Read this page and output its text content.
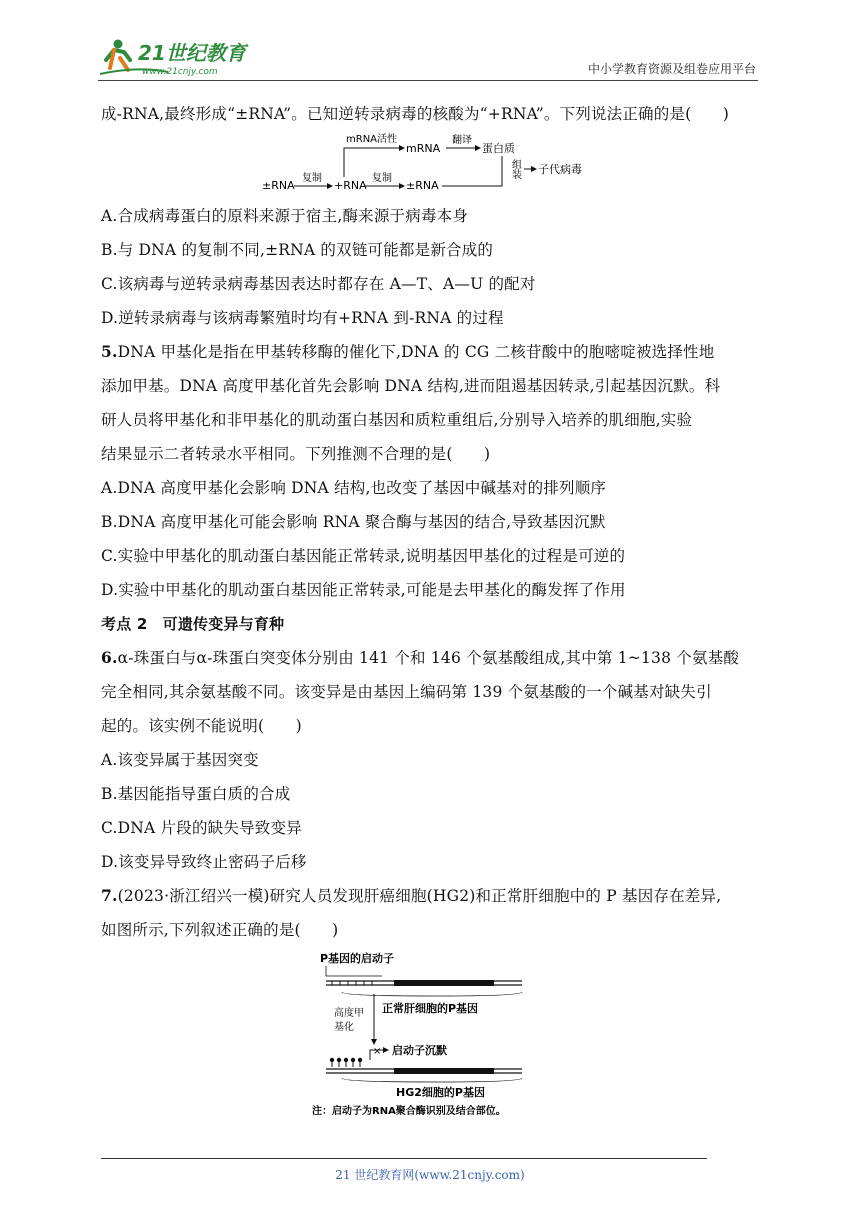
21世纪教育
www.21cnjy.com	中小学教育资源及组卷应用平台
成-RNA,最终形成“±RNA”。已知逆转录病毒的核酸为“+RNA”。下列说法正确的是(　　)
±RNA
复制
+RNA
复制
±RNA
mRNA活性
mRNA
翻译
蛋白质
组装 子代病毒
A.合成病毒蛋白的原料来源于宿主,酶来源于病毒本身
B.与 DNA 的复制不同,±RNA 的双链可能都是新合成的
C.该病毒与逆转录病毒基因表达时都存在 A—T、A—U 的配对
D.逆转录病毒与该病毒繁殖时均有+RNA 到-RNA 的过程
5.DNA 甲基化是指在甲基转移酶的催化下,DNA 的 CG 二核苷酸中的胞嘧啶被选择性地
添加甲基。DNA 高度甲基化首先会影响 DNA 结构,进而阻遏基因转录,引起基因沉默。科
研人员将甲基化和非甲基化的肌动蛋白基因和质粒重组后,分别导入培养的肌细胞,实验
结果显示二者转录水平相同。下列推测不合理的是(　　)
A.DNA 高度甲基化会影响 DNA 结构,也改变了基因中碱基对的排列顺序
B.DNA 高度甲基化可能会影响 RNA 聚合酶与基因的结合,导致基因沉默
C.实验中甲基化的肌动蛋白基因能正常转录,说明基因甲基化的过程是可逆的
D.实验中甲基化的肌动蛋白基因能正常转录,可能是去甲基化的酶发挥了作用
考点 2　可遗传变异与育种
6.α-珠蛋白与α-珠蛋白突变体分别由 141 个和 146 个氨基酸组成,其中第 1~138 个氨基酸
完全相同,其余氨基酸不同。该变异是由基因上编码第 139 个氨基酸的一个碱基对缺失引
起的。该实例不能说明(　　)
A.该变异属于基因突变
B.基因能指导蛋白质的合成
C.DNA 片段的缺失导致变异
D.该变异导致终止密码子后移
7.(2023·浙江绍兴一模)研究人员发现肝癌细胞(HG2)和正常肝细胞中的 P 基因存在差异,
如图所示,下列叙述正确的是(　　)
P基因的启动子
正常肝细胞的P基因
高度甲
基化
× 启动子沉默
HG2细胞的P基因
注：启动子为RNA聚合酶识别及结合部位。
21 世纪教育网(www.21cnjy.com)
